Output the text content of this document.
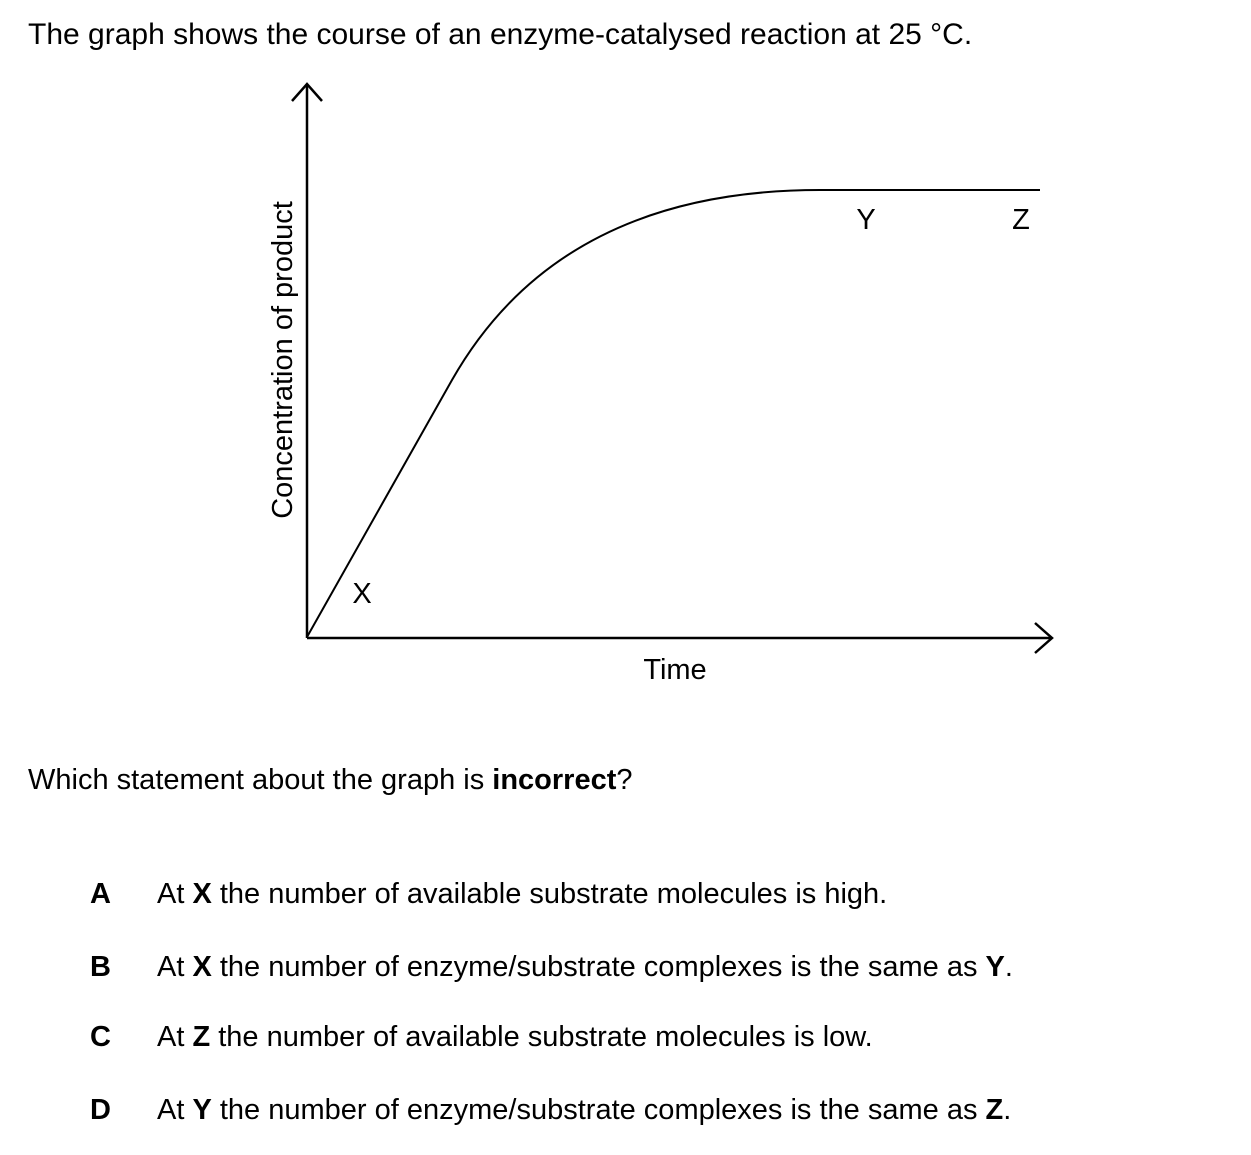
The graph shows the course of an enzyme-catalysed reaction at 25 °C.
Concentration of product
Time
X
Y	Z
Which statement about the graph is incorrect?
A At X the number of available substrate molecules is high.
B At X the number of enzyme/substrate complexes is the same as Y.
C At Z the number of available substrate molecules is low.
D At Y the number of enzyme/substrate complexes is the same as Z.
